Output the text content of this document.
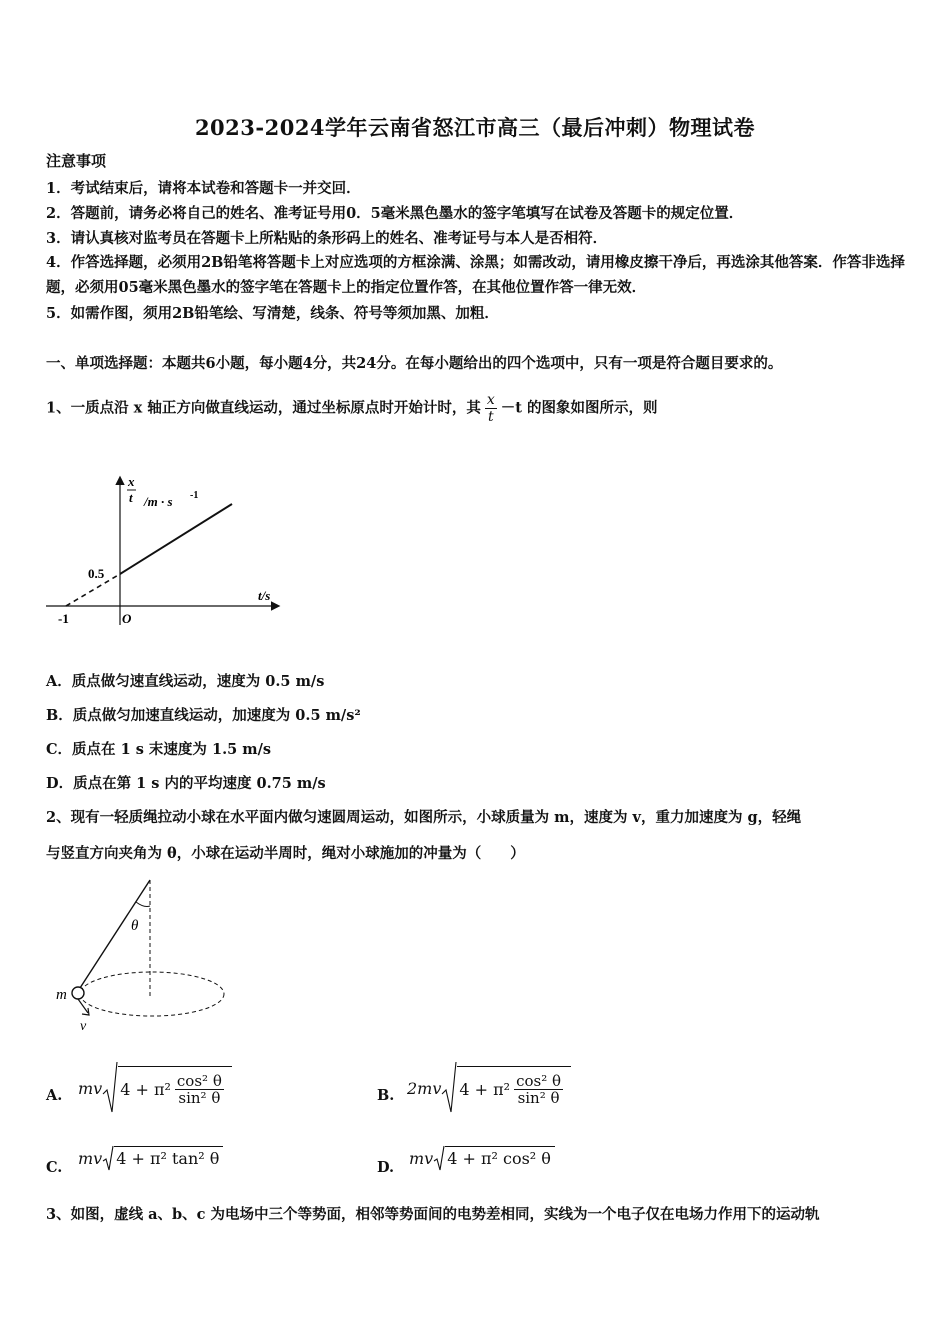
2023-2024学年云南省怒江市高三（最后冲刺）物理试卷
注意事项
1．考试结束后，请将本试卷和答题卡一并交回．
2．答题前，请务必将自己的姓名、准考证号用0．5毫米黑色墨水的签字笔填写在试卷及答题卡的规定位置．
3．请认真核对监考员在答题卡上所粘贴的条形码上的姓名、准考证号与本人是否相符．
4．作答选择题，必须用2B铅笔将答题卡上对应选项的方框涂满、涂黑；如需改动，请用橡皮擦干净后，再选涂其他答案．作答非选择题，必须用05毫米黑色墨水的签字笔在答题卡上的指定位置作答，在其他位置作答一律无效．
5．如需作图，须用2B铅笔绘、写清楚，线条、符号等须加黑、加粗．
一、单项选择题：本题共6小题，每小题4分，共24分。在每小题给出的四个选项中，只有一项是符合题目要求的。
1、一质点沿 x 轴正方向做直线运动，通过坐标原点时开始计时，其 $\frac{x}{t} -t$ 的图象如图所示，则
x
t /m · s -1
t/s
0.5
-1	O
A．质点做匀速直线运动，速度为 0.5 m/s
B．质点做匀加速直线运动，加速度为 0.5 m/s²
C．质点在 1 s 末速度为 1.5 m/s
D．质点在第 1 s 内的平均速度 0.75 m/s
2、现有一轻质绳拉动小球在水平面内做匀速圆周运动，如图所示，小球质量为 m，速度为 v，重力加速度为 g，轻绳
与竖直方向夹角为 θ，小球在运动半周时，绳对小球施加的冲量为（　　）
θ
m
v
A. mv $4 + \pi^2 \frac{\text{cos² θ}}{\text{sin² θ}}$	B. 2mv $4 + \pi^2 \frac{\text{cos² θ}}{\text{sin² θ}}$
C. mv 4 + π² tan² θ	D. mv 4 + π² cos² θ
3、如图，虚线 a、b、c 为电场中三个等势面，相邻等势面间的电势差相同，实线为一个电子仅在电场力作用下的运动轨
